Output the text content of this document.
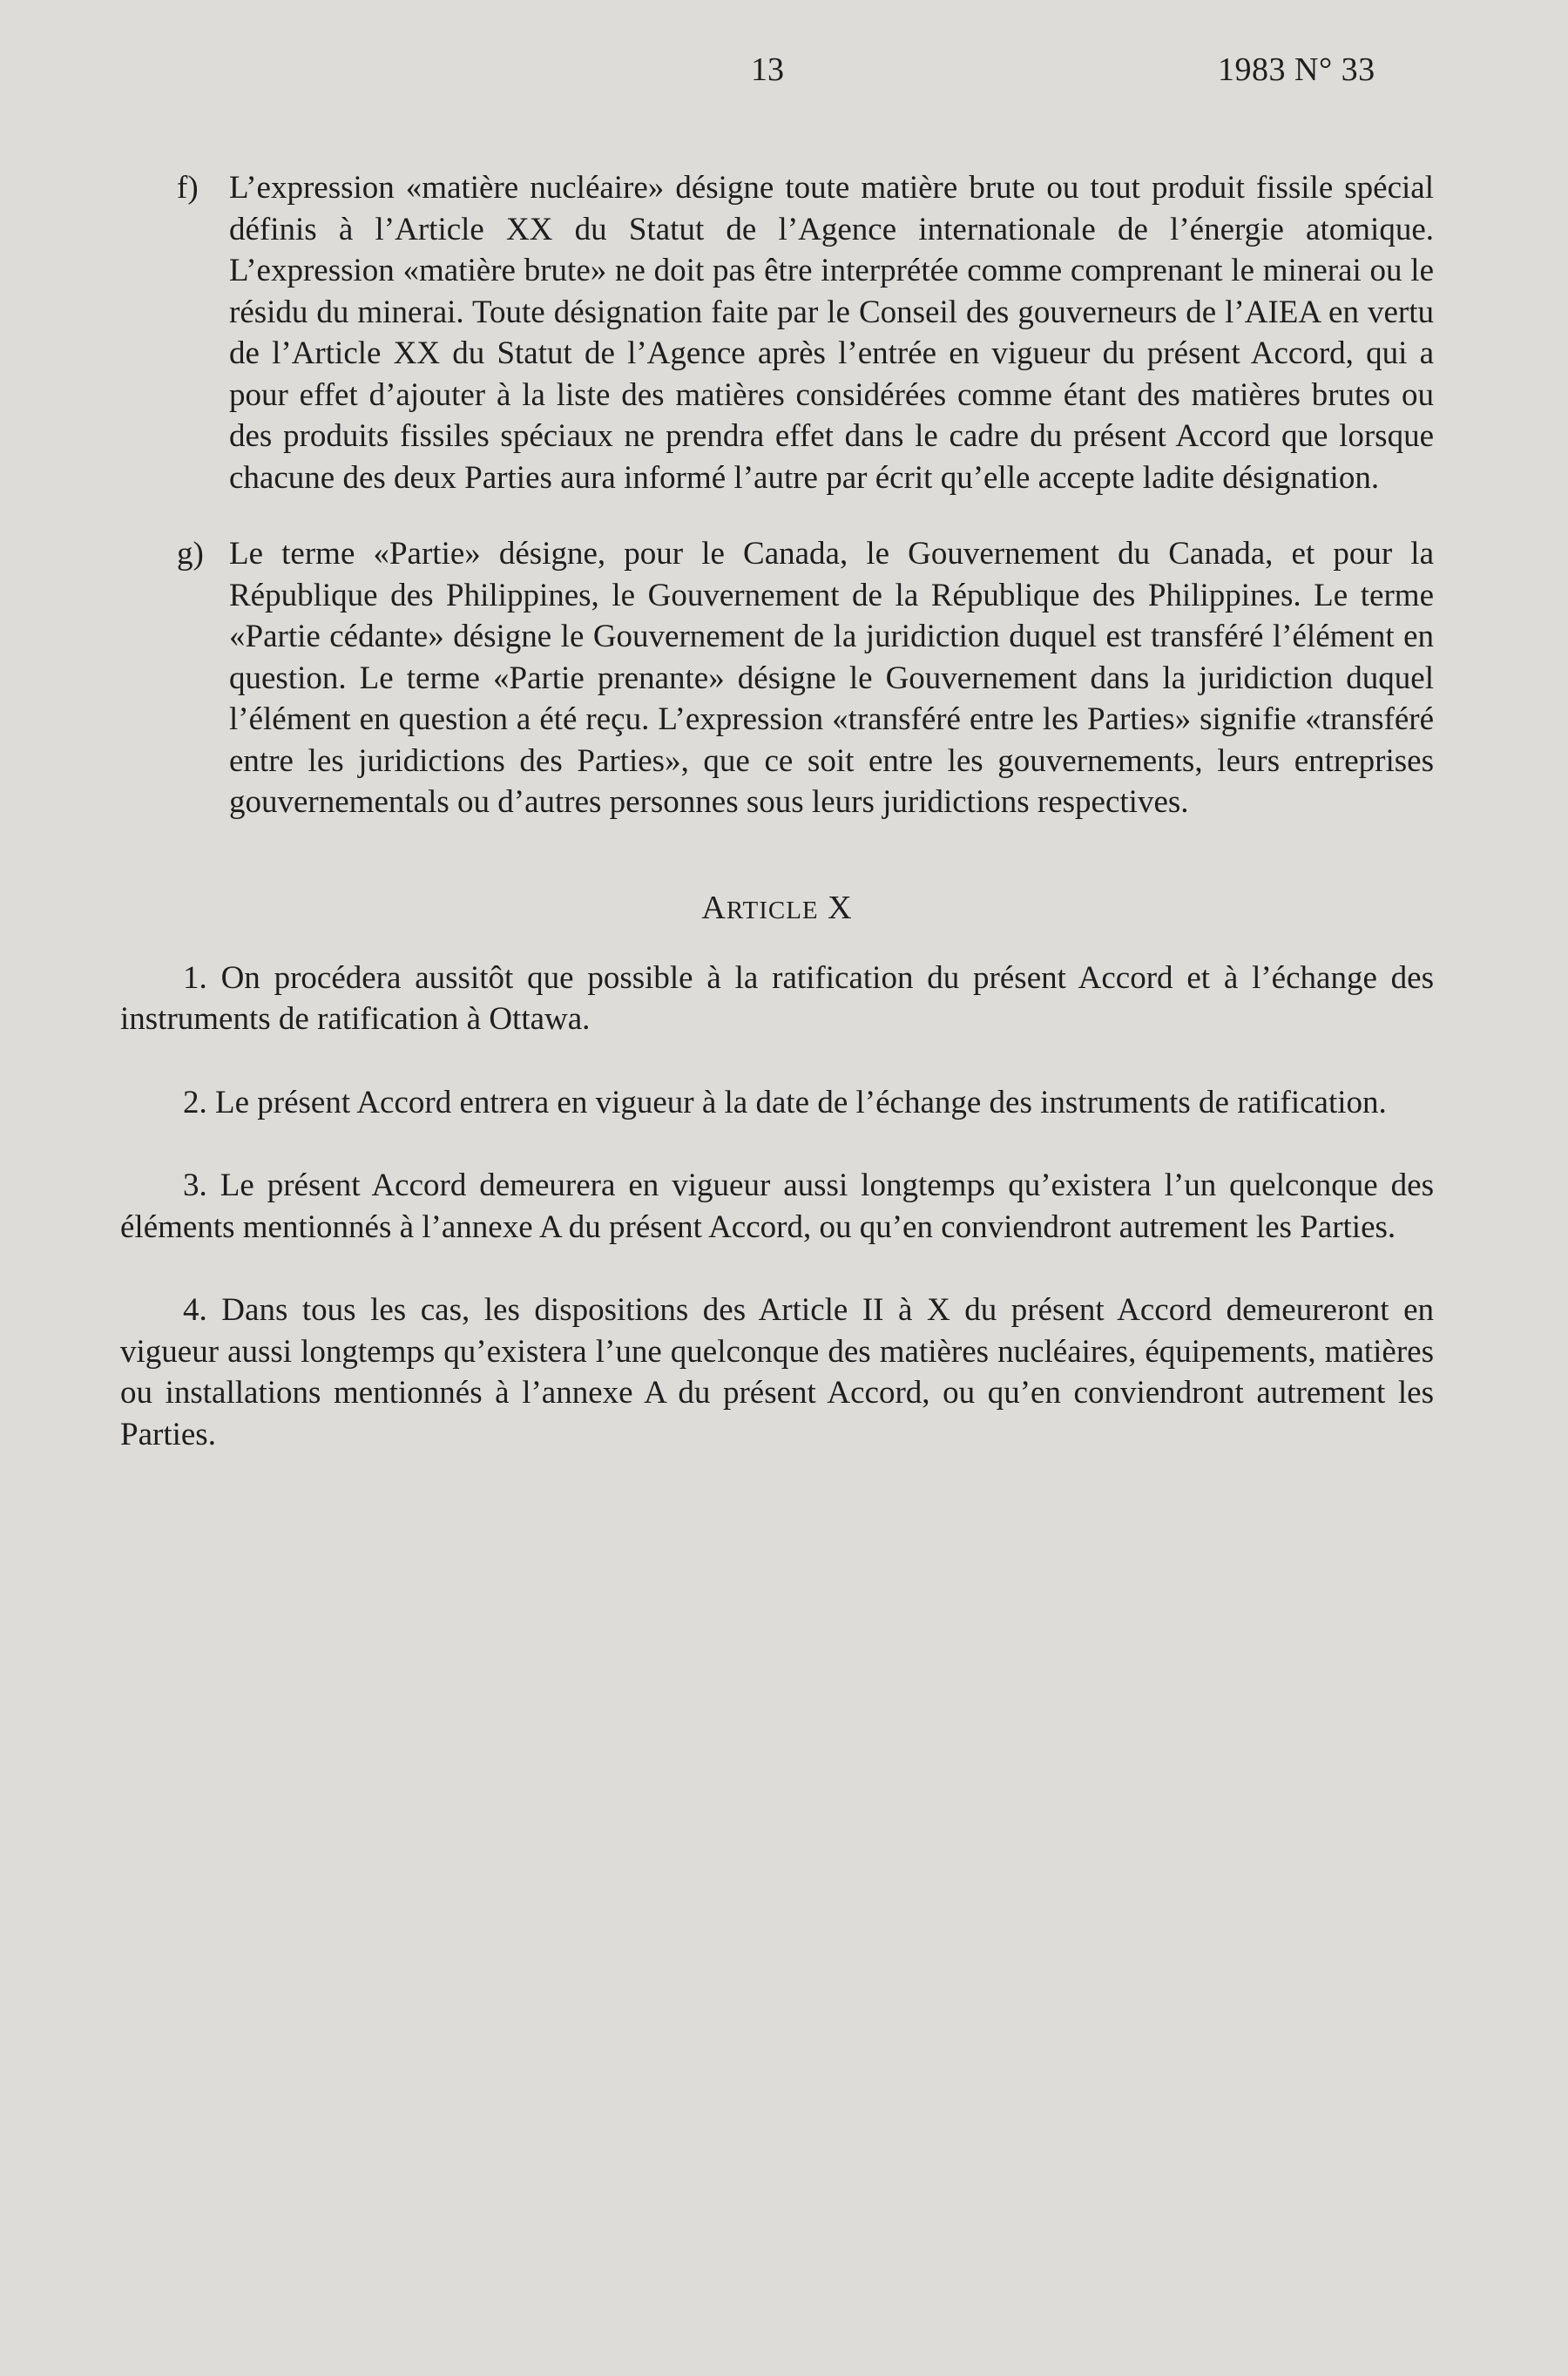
13	1983 N° 33
f) L’expression «matière nucléaire» désigne toute matière brute ou tout produit fissile spécial définis à l’Article XX du Statut de l’Agence internationale de l’énergie atomique. L’expression «matière brute» ne doit pas être interprétée comme comprenant le minerai ou le résidu du minerai. Toute désignation faite par le Conseil des gouverneurs de l’AIEA en vertu de l’Article XX du Statut de l’Agence après l’entrée en vigueur du présent Accord, qui a pour effet d’ajouter à la liste des matières considérées comme étant des matières brutes ou des produits fissiles spéciaux ne prendra effet dans le cadre du présent Accord que lorsque chacune des deux Parties aura informé l’autre par écrit qu’elle accepte ladite désignation.
g) Le terme «Partie» désigne, pour le Canada, le Gouvernement du Canada, et pour la République des Philippines, le Gouvernement de la République des Philippines. Le terme «Partie cédante» désigne le Gouvernement de la juridiction duquel est transféré l’élément en question. Le terme «Partie prenante» désigne le Gouvernement dans la juridiction duquel l’élément en question a été reçu. L’expression «transféré entre les Parties» signifie «transféré entre les juridictions des Parties», que ce soit entre les gouvernements, leurs entreprises gouvernementals ou d’autres personnes sous leurs juridictions respectives.
ARTICLE X

1. On procédera aussitôt que possible à la ratification du présent Accord et à l’échange des instruments de ratification à Ottawa.

2. Le présent Accord entrera en vigueur à la date de l’échange des instruments de ratification.

3. Le présent Accord demeurera en vigueur aussi longtemps qu’existera l’un quelconque des éléments mentionnés à l’annexe A du présent Accord, ou qu’en conviendront autrement les Parties.

4. Dans tous les cas, les dispositions des Article II à X du présent Accord demeureront en vigueur aussi longtemps qu’existera l’une quelconque des matières nucléaires, équipements, matières ou installations mentionnés à l’annexe A du présent Accord, ou qu’en conviendront autrement les Parties.
